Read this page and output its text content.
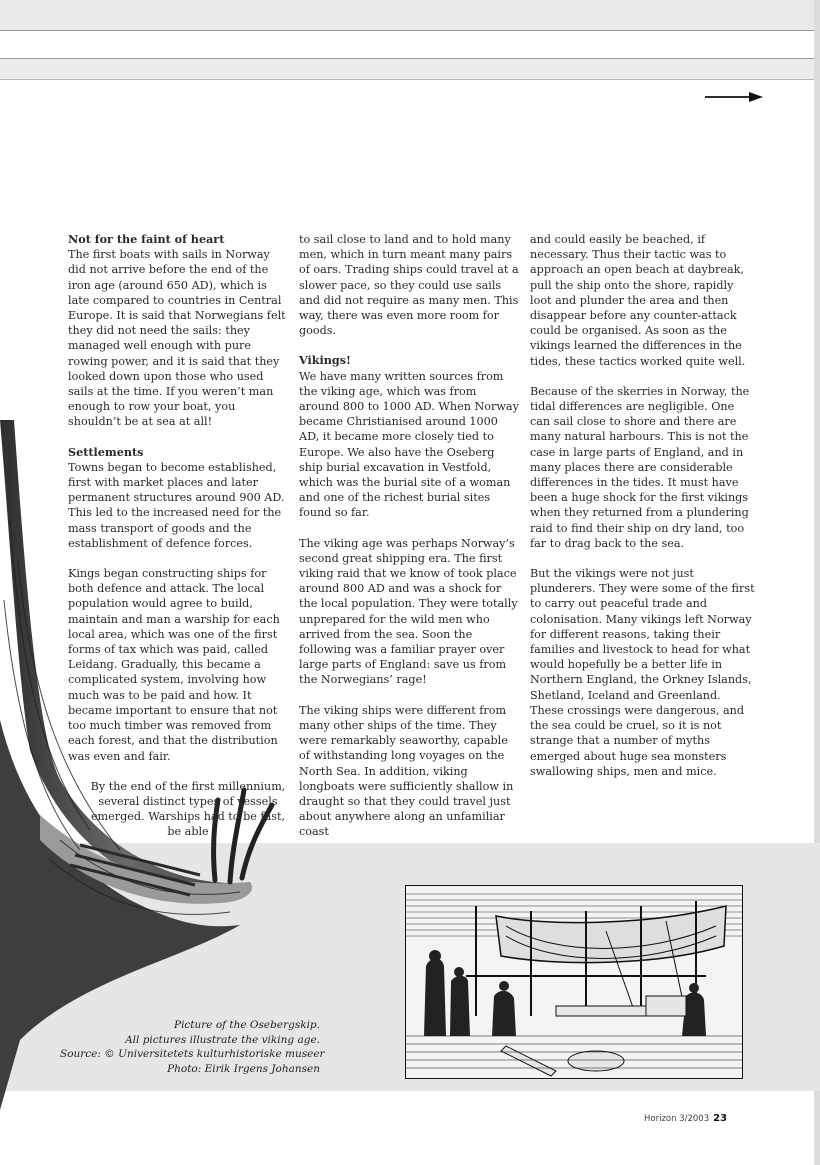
Not for the faint of heart

The first boats with sails in Norway did not arrive before the end of the iron age (around 650 AD), which is late compared to countries in Central Europe. It is said that Norwegians felt they did not need the sails: they managed well enough with pure rowing power, and it is said that they looked down upon those who used sails at the time. If you weren’t man enough to row your boat, you shouldn’t be at sea at all!

Settlements

Towns began to become established, first with market places and later permanent structures around 900 AD. This led to the increased need for the mass transport of goods and the establishment of defence forces.

Kings began constructing ships for both defence and attack. The local population would agree to build, maintain and man a warship for each local area, which was one of the first forms of tax which was paid, called Leidang. Gradually, this became a complicated system, involving how much was to be paid and how. It became important to ensure that not too much timber was removed from each forest, and that the distribution was even and fair.

By the end of the first millennium, several distinct types of vessels emerged. Warships had to be fast, be able

to sail close to land and to hold many men, which in turn meant many pairs of oars. Trading ships could travel at a slower pace, so they could use sails and did not require as many men. This way, there was even more room for goods.

Vikings!

We have many written sources from the viking age, which was from around 800 to 1000 AD. When Norway became Christianised around 1000 AD, it became more closely tied to Europe. We also have the Oseberg ship burial excavation in Vestfold, which was the burial site of a woman and one of the richest burial sites found so far.

The viking age was perhaps Norway’s second great shipping era. The first viking raid that we know of took place around 800 AD and was a shock for the local population. They were totally unprepared for the wild men who arrived from the sea. Soon the following was a familiar prayer over large parts of England: save us from the Norwegians’ rage!

The viking ships were different from many other ships of the time. They were remarkably seaworthy, capable of withstanding long voyages on the North Sea. In addition, viking longboats were sufficiently shallow in draught so that they could travel just about anywhere along an unfamiliar coast

and could easily be beached, if necessary. Thus their tactic was to approach an open beach at daybreak, pull the ship onto the shore, rapidly loot and plunder the area and then disappear before any counter-attack could be organised. As soon as the vikings learned the differences in the tides, these tactics worked quite well.

Because of the skerries in Norway, the tidal differences are negligible. One can sail close to shore and there are many natural harbours. This is not the case in large parts of England, and in many places there are considerable differences in the tides. It must have been a huge shock for the first vikings when they returned from a plundering raid to find their ship on dry land, too far to drag back to the sea.

But the vikings were not just plunderers. They were some of the first to carry out peaceful trade and colonisation. Many vikings left Norway for different reasons, taking their families and livestock to head for what would hopefully be a better life in Northern England, the Orkney Islands, Shetland, Iceland and Greenland. These crossings were dangerous, and the sea could be cruel, so it is not strange that a number of myths emerged about huge sea monsters swallowing ships, men and mice.

Picture of the Osebergskip.
All pictures illustrate the viking age.
Source: © Universitetets kulturhistoriske museer
Photo: Eirik Irgens Johansen
Horizon 3/2003 23
